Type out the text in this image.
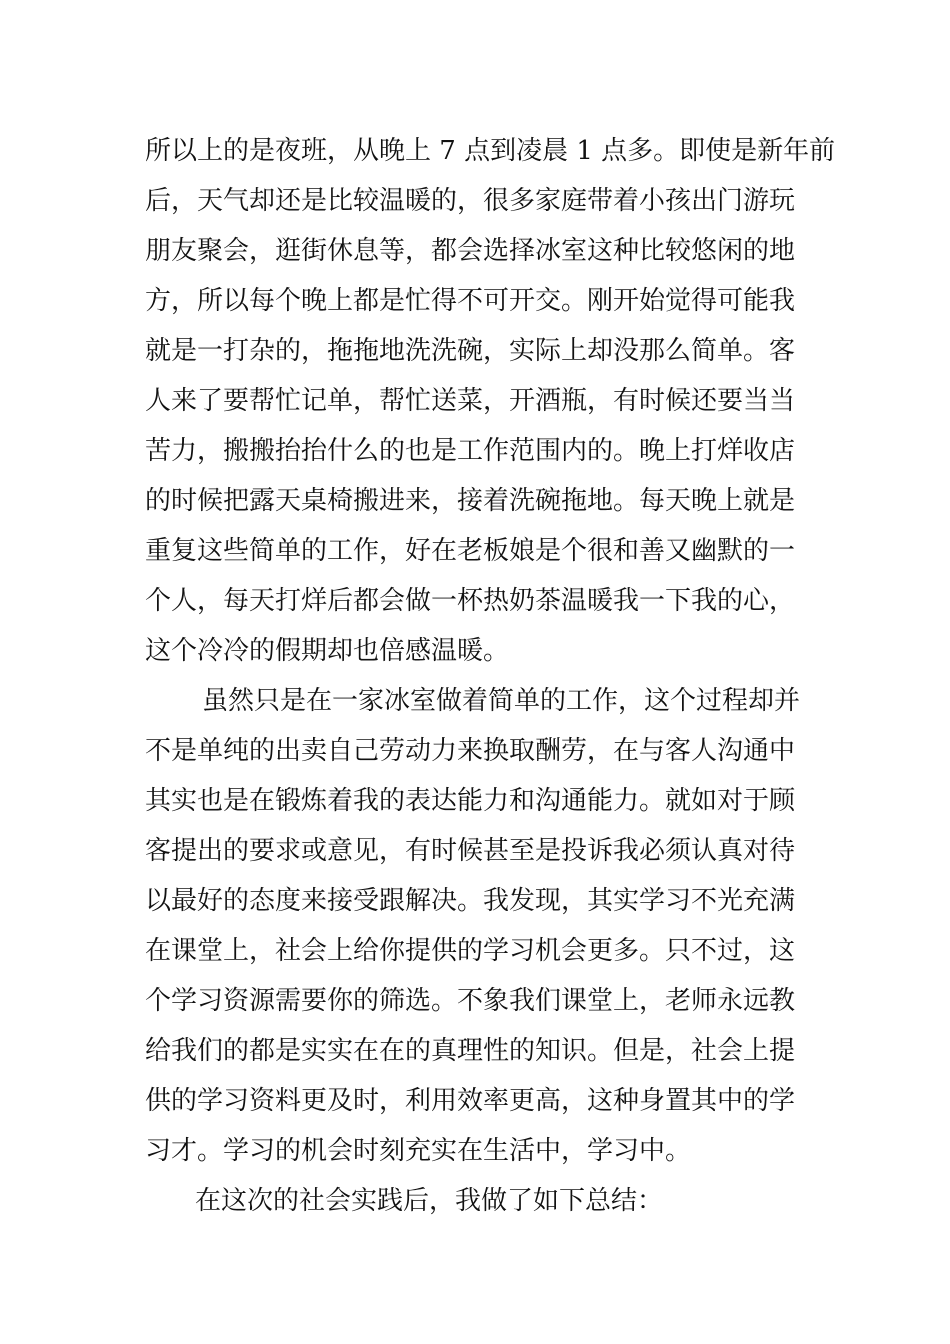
所以上的是夜班，从晚上 7 点到凌晨 1 点多。即使是新年前
后，天气却还是比较温暖的，很多家庭带着小孩出门游玩
朋友聚会，逛街休息等，都会选择冰室这种比较悠闲的地
方，所以每个晚上都是忙得不可开交。刚开始觉得可能我
就是一打杂的，拖拖地洗洗碗，实际上却没那么简单。客
人来了要帮忙记单，帮忙送菜，开酒瓶，有时候还要当当
苦力，搬搬抬抬什么的也是工作范围内的。晚上打烊收店
的时候把露天桌椅搬进来，接着洗碗拖地。每天晚上就是
重复这些简单的工作，好在老板娘是个很和善又幽默的一
个人，每天打烊后都会做一杯热奶茶温暖我一下我的心，
这个冷冷的假期却也倍感温暖。
虽然只是在一家冰室做着简单的工作，这个过程却并
不是单纯的出卖自己劳动力来换取酬劳，在与客人沟通中
其实也是在锻炼着我的表达能力和沟通能力。就如对于顾
客提出的要求或意见，有时候甚至是投诉我必须认真对待
以最好的态度来接受跟解决。我发现，其实学习不光充满
在课堂上，社会上给你提供的学习机会更多。只不过，这
个学习资源需要你的筛选。不象我们课堂上，老师永远教
给我们的都是实实在在的真理性的知识。但是，社会上提
供的学习资料更及时，利用效率更高，这种身置其中的学
习才。学习的机会时刻充实在生活中，学习中。
在这次的社会实践后，我做了如下总结：
